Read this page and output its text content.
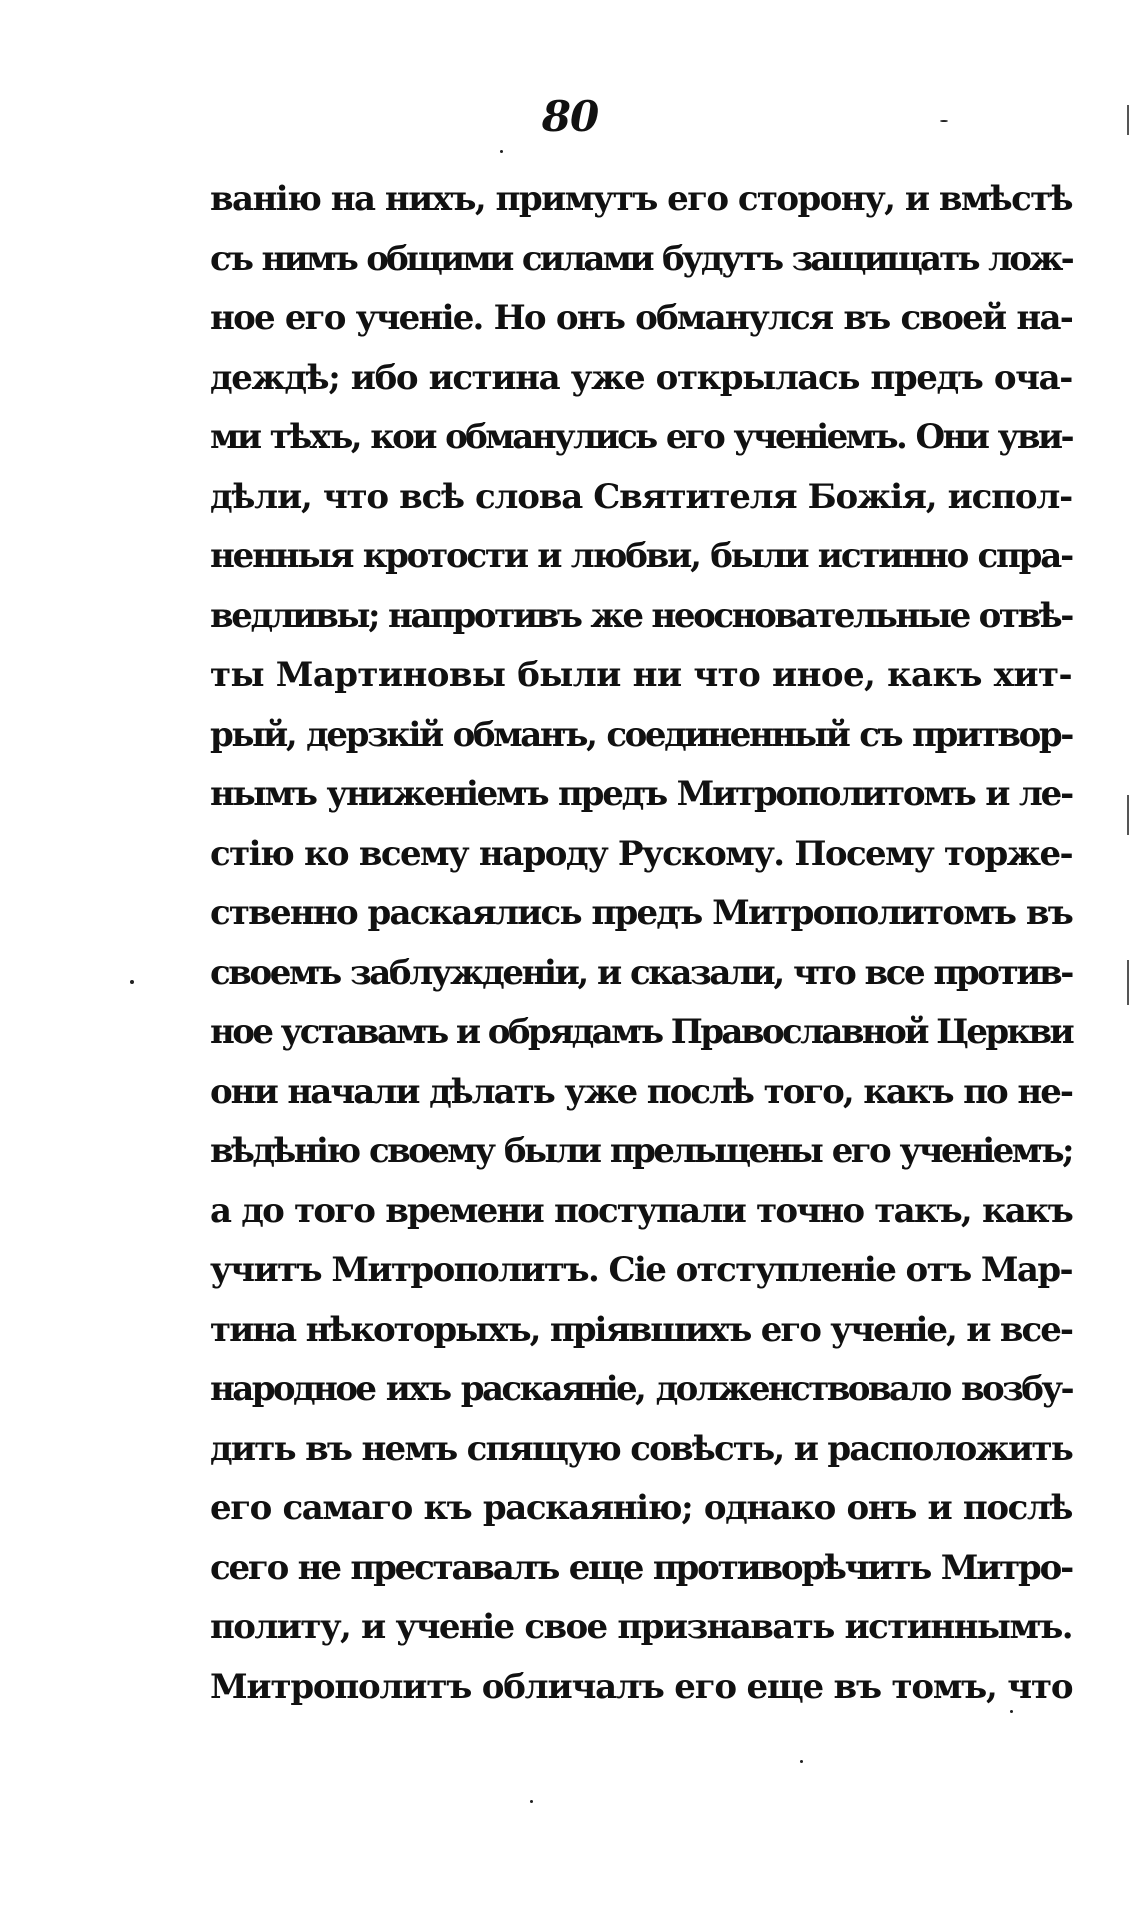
80
ванію на нихъ, примутъ его сторону, и вмѣстѣ
съ нимъ общими силами будутъ защищать лож-
ное его ученіе. Но онъ обманулся въ своей на-
деждѣ; ибо истина уже открылась предъ оча-
ми тѣхъ, кои обманулись его ученіемъ. Они уви-
дѣли, что всѣ слова Святителя Божія, испол-
ненныя кротости и любви, были истинно спра-
ведливы; напротивъ же неосновательные отвѣ-
ты Мартиновы были ни что иное, какъ хит-
рый, дерзкій обманъ, соединенный съ притвор-
нымъ униженіемъ предъ Митрополитомъ и ле-
стію ко всему народу Рускому. Посему торже-
ственно раскаялись предъ Митрополитомъ въ
своемъ заблужденіи, и сказали, что все против-
ное уставамъ и обрядамъ Православной Церкви
они начали дѣлать уже послѣ того, какъ по не-
вѣдѣнію своему были прельщены его ученіемъ;
а до того времени поступали точно такъ, какъ
учитъ Митрополитъ. Сіе отступленіе отъ Мар-
тина нѣкоторыхъ, пріявшихъ его ученіе, и все-
народное ихъ раскаяніе, долженствовало возбу-
дить въ немъ спящую совѣсть, и расположить
его самаго къ раскаянію; однако онъ и послѣ
сего не преставалъ еще противорѣчить Митро-
политу, и ученіе свое признавать истиннымъ.
Митрополитъ обличалъ его еще въ томъ, что
